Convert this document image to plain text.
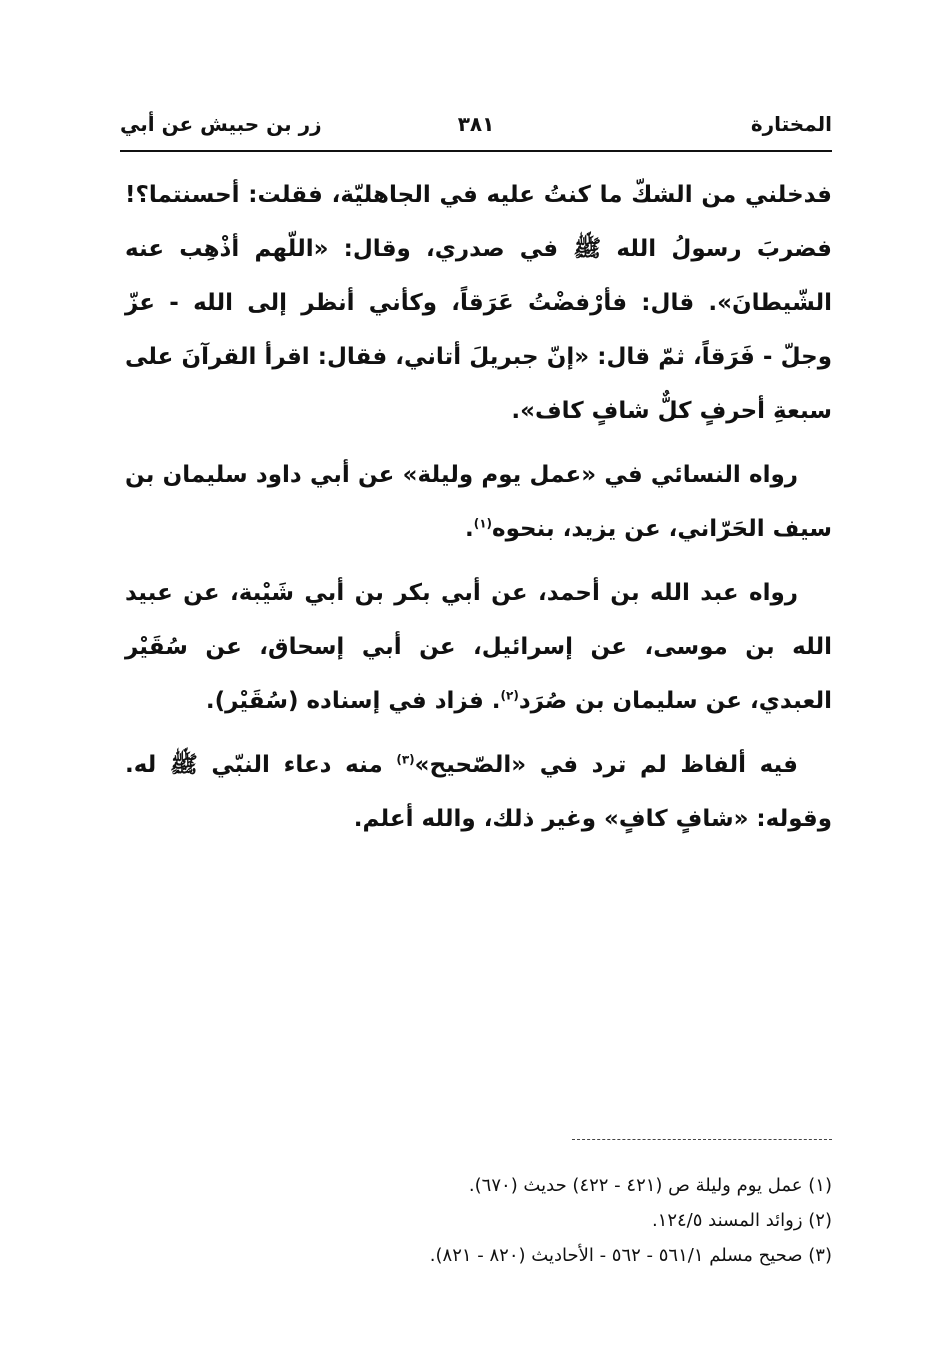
المختارة
٣٨١
زر بن حبيش عن أبي

فدخلني من الشكّ ما كنتُ عليه في الجاهليّة، فقلت: أحسنتما؟! فضربَ رسولُ الله ﷺ في صدري، وقال: «اللّهم أذْهِب عنه الشّيطانَ». قال: فأرْفضْتُ عَرَقاً، وكأني أنظر إلى الله - عزّ وجلّ - فَرَقاً، ثمّ قال: «إنّ جبريلَ أتاني، فقال: اقرأ القرآنَ على سبعةِ أحرفٍ كلٌّ شافٍ كاف».

رواه النسائي في «عمل يوم وليلة» عن أبي داود سليمان بن سيف الحَرّاني، عن يزيد، بنحوه$^{(١)}$.

رواه عبد الله بن أحمد، عن أبي بكر بن أبي شَيْبة، عن عبيد الله بن موسى، عن إسرائيل، عن أبي إسحاق، عن سُقَيْر العبدي، عن سليمان بن صُرَد$^{(٢)}$. فزاد في إسناده (سُقَيْر).

فيه ألفاظ لم ترد في «الصّحيح»$^{(٣)}$ منه دعاء النبّي ﷺ له. وقوله: «شافٍ كافٍ» وغير ذلك، والله أعلم.

(١) عمل يوم وليلة ص (٤٢١ - ٤٢٢) حديث (٦٧٠).

(٢) زوائد المسند ١٢٤/٥.

(٣) صحيح مسلم ٥٦١/١ - ٥٦٢ - الأحاديث (٨٢٠ - ٨٢١).
